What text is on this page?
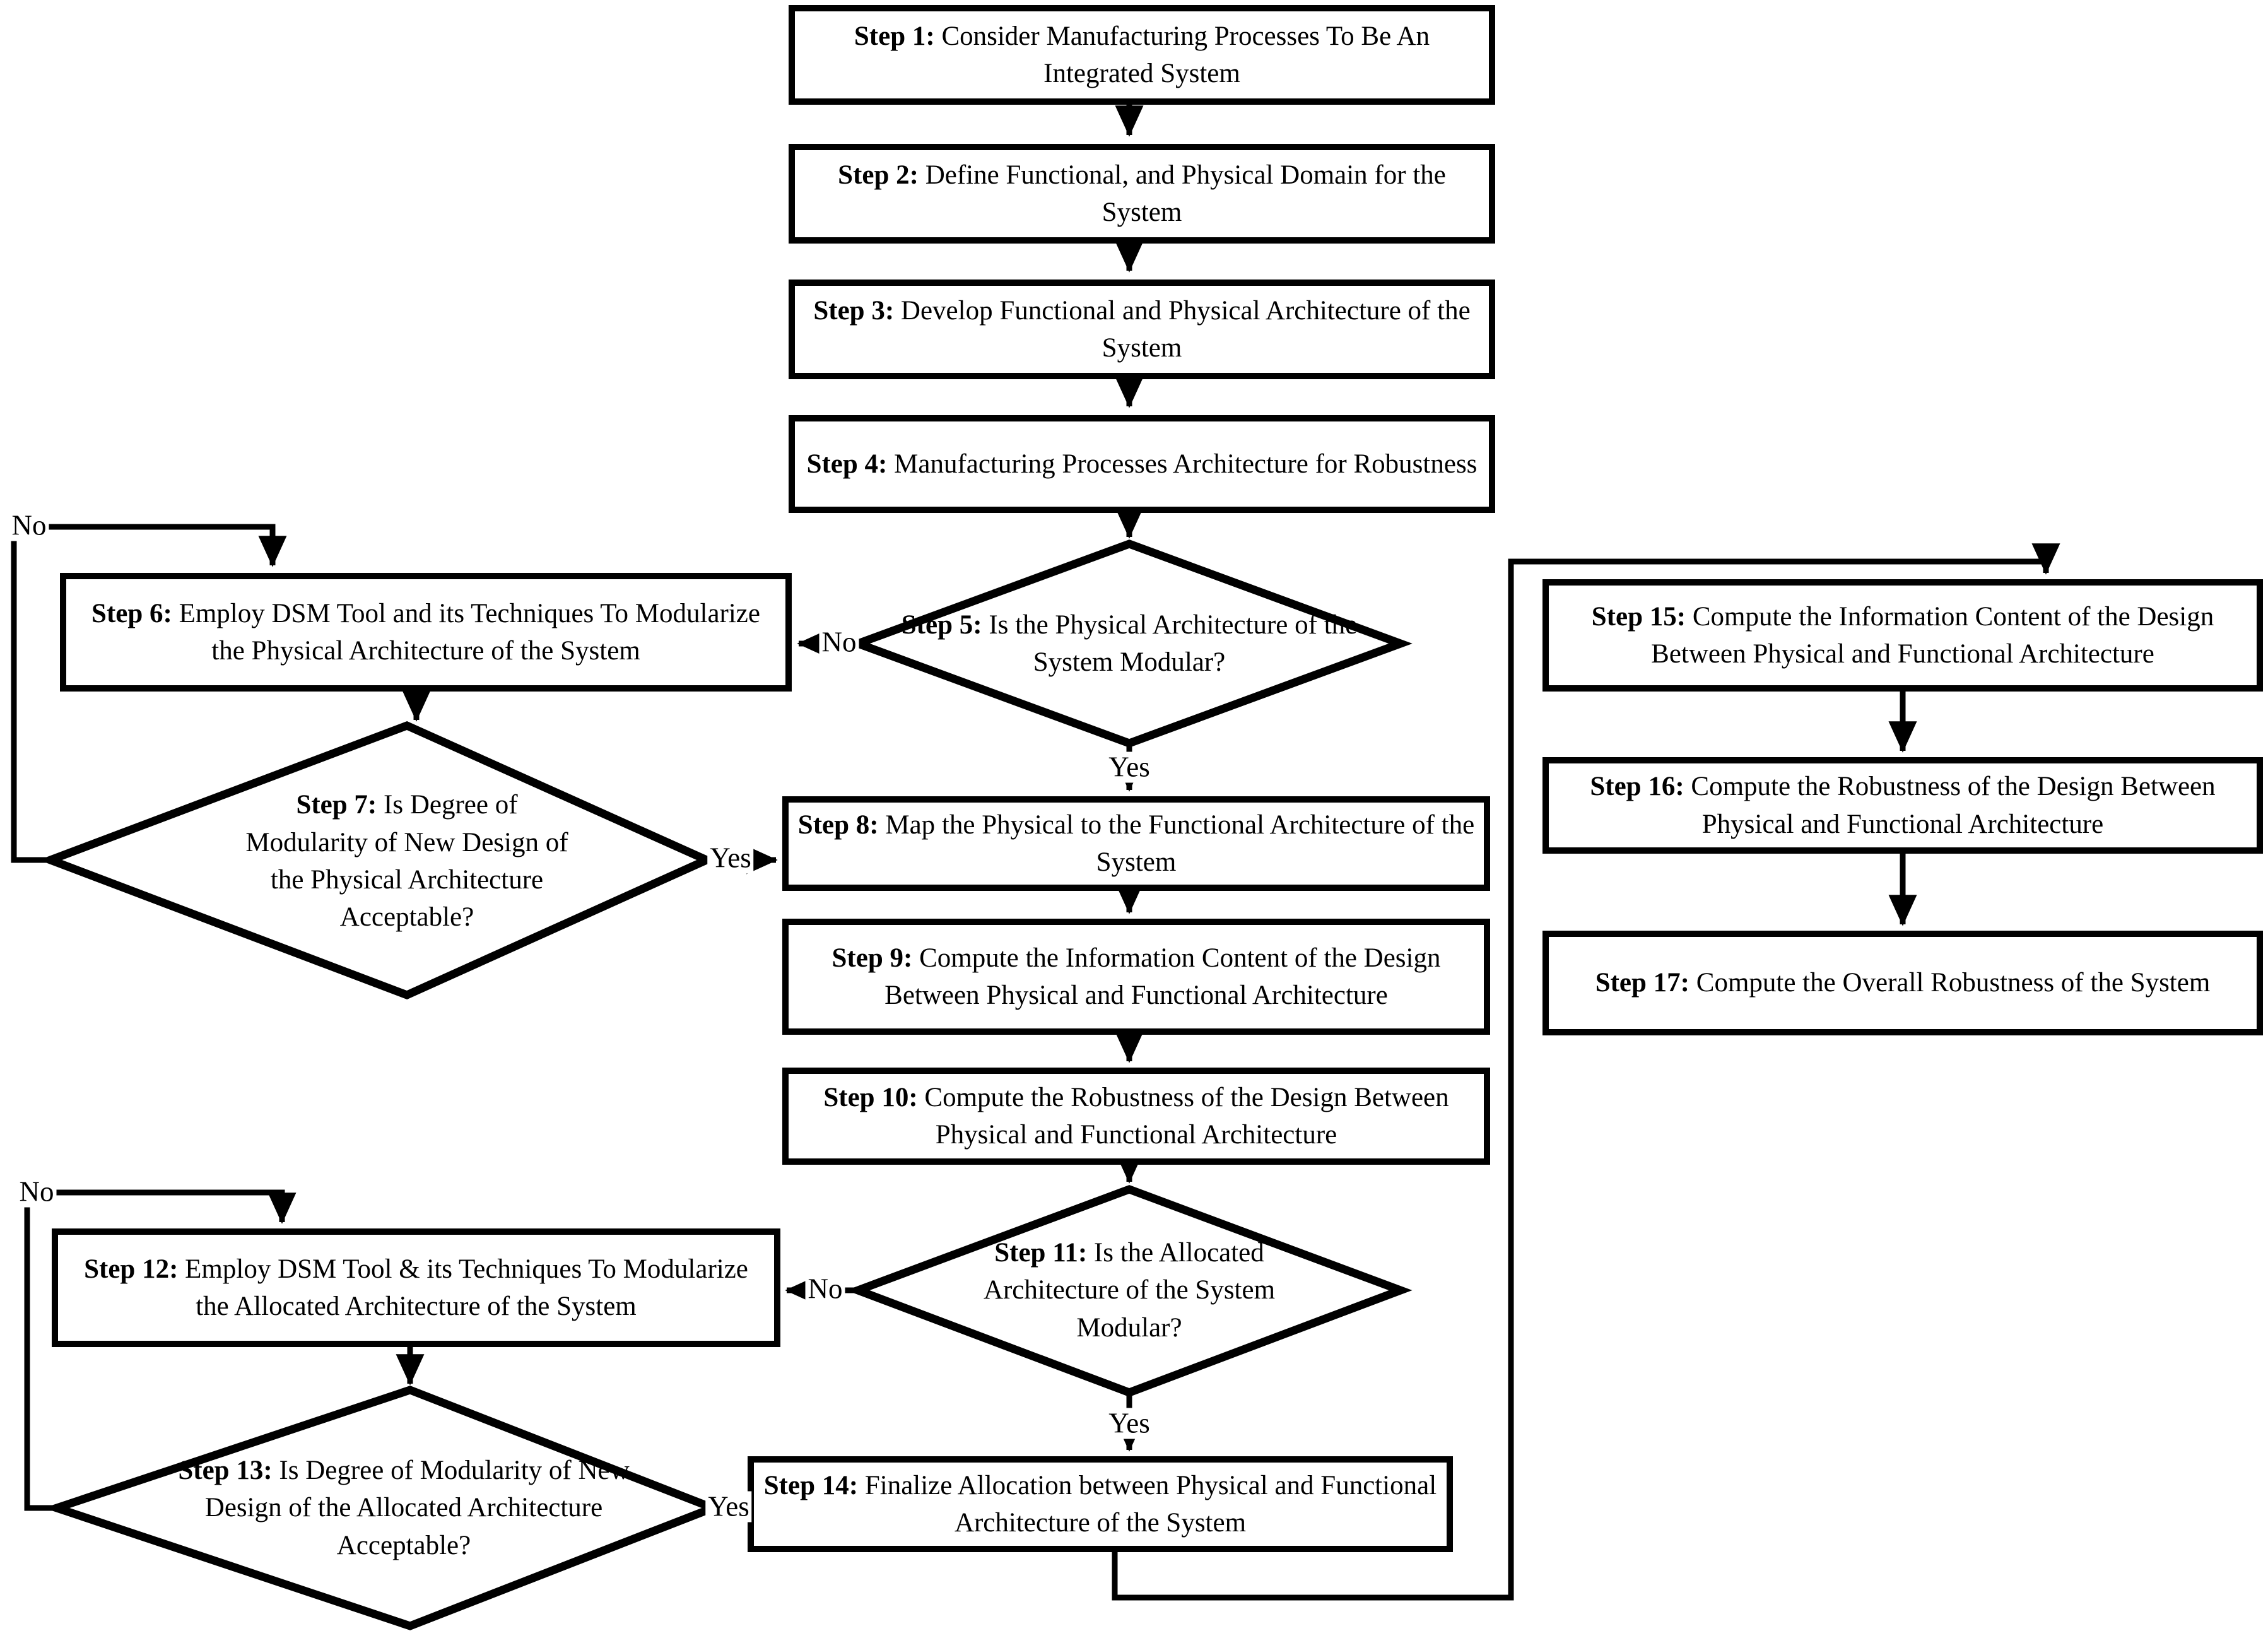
Step 1: Consider Manufacturing Processes To Be An Integrated System
Step 2: Define Functional, and Physical Domain for the System
Step 3: Develop Functional and Physical Architecture of the System
Step 4: Manufacturing Processes Architecture for Robustness
Step 6: Employ DSM Tool and its Techniques To Modularize the Physical Architecture of the System
Step 8: Map the Physical to the Functional Architecture of the System
Step 9: Compute the Information Content of the Design Between Physical and Functional Architecture
Step 10: Compute the Robustness of the Design Between Physical and Functional Architecture
Step 12: Employ DSM Tool & its Techniques To Modularize the Allocated Architecture of the System
Step 14: Finalize Allocation between Physical and Functional Architecture of the System
Step 15: Compute the Information Content of the Design Between Physical and Functional Architecture
Step 16: Compute the Robustness of the Design Between Physical and Functional Architecture
Step 17: Compute the Overall Robustness of the System
Step 5: Is the Physical Architecture of the System Modular?
Step 7: Is Degree of Modularity of New Design of the Physical Architecture Acceptable?
Step 11: Is the Allocated Architecture of the System Modular?
Step 13: Is Degree of Modularity of New Design of the Allocated Architecture Acceptable?
No
Yes
No
Yes
No
Yes
No
Yes
